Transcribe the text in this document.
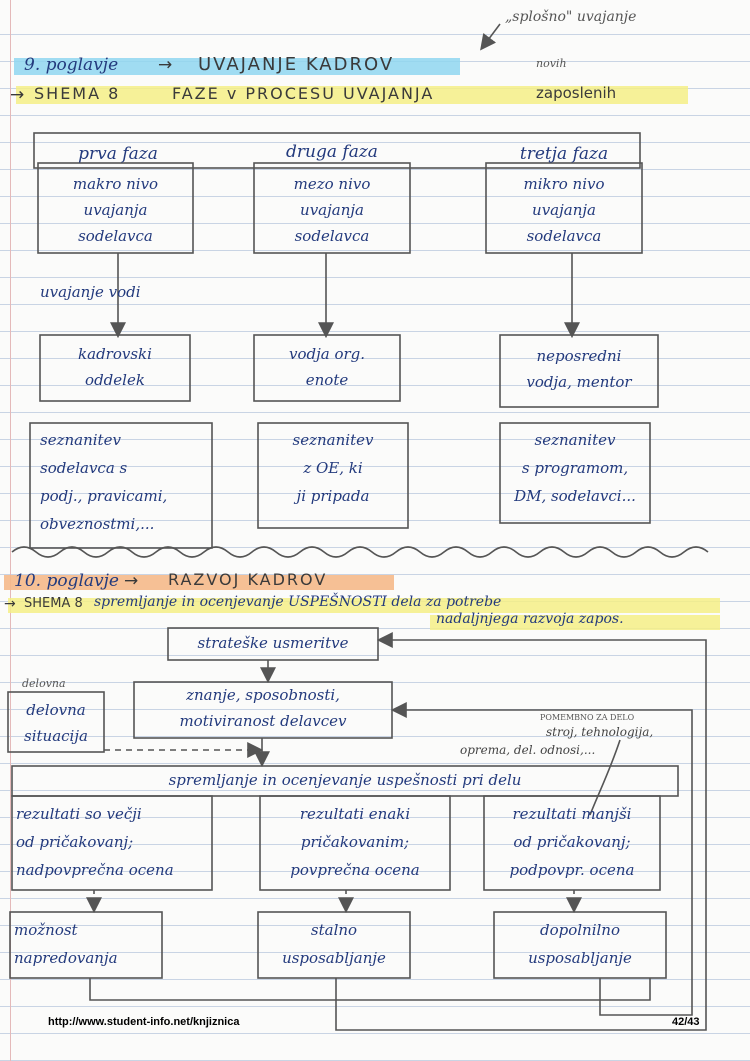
„splošno" uvajanje
9. poglavje → UVAJANJE KADROV
→ SHEMA 8	FAZE v PROCESU UVAJANJA
novih
zaposlenih
prva faza	druga faza	tretja faza
makro nivo
uvajanja
sodelavca
mezo nivo
uvajanja
sodelavca
mikro nivo
uvajanja
sodelavca
uvajanje vodi
kadrovski
oddelek
vodja org.
enote
neposredni
vodja, mentor
seznanitev
sodelavca s
podj., pravicami,
obveznostmi,...
seznanitev
z OE, ki
ji pripada
seznanitev
s programom,
DM, sodelavci...
10. poglavje → RAZVOJ KADROV
→ SHEMA 8 spremljanje in ocenjevanje USPEŠNOSTI dela za potrebe
nadaljnjega razvoja zapos.
strateške usmeritve
znanje, sposobnosti,
motiviranost delavcev
delovna
delovna
situacija
POMEMBNO ZA DELO
stroj, tehnologija,
oprema, del. odnosi,...
spremljanje in ocenjevanje uspešnosti pri delu
rezultati so večji
od pričakovanj;
nadpovprečna ocena
rezultati enaki
pričakovanim;
povprečna ocena
rezultati manjši
od pričakovanj;
podpovpr. ocena
možnost
napredovanja
stalno
usposabljanje
dopolnilno
usposabljanje
http://www.student-info.net/knjiznica	42/43
